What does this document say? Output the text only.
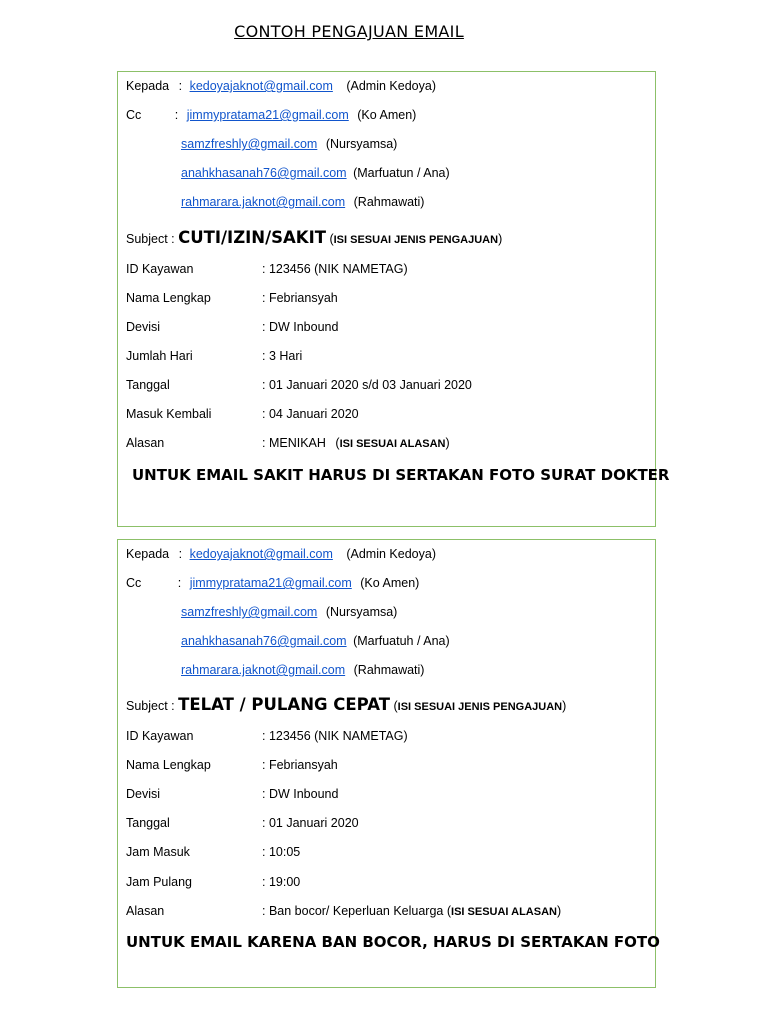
CONTOH PENGAJUAN EMAIL
Kepada : kedoyajaknot@gmail.com (Admin Kedoya)
Cc	: jimmypratama21@gmail.com (Ko Amen)
samzfreshly@gmail.com (Nursyamsa)
anahkhasanah76@gmail.com (Marfuatun / Ana)
rahmarara.jaknot@gmail.com (Rahmawati)
Subject : CUTI/IZIN/SAKIT (ISI SESUAI JENIS PENGAJUAN)
ID Kayawan	: 123456 (NIK NAMETAG)
Nama Lengkap	: Febriansyah
Devisi	: DW Inbound
Jumlah Hari	: 3 Hari
Tanggal	: 01 Januari 2020 s/d 03 Januari 2020
Masuk Kembali	: 04 Januari 2020
Alasan	: MENIKAH (ISI SESUAI ALASAN)
UNTUK EMAIL SAKIT HARUS DI SERTAKAN FOTO SURAT DOKTER
Kepada : kedoyajaknot@gmail.com (Admin Kedoya)
Cc	: jimmypratama21@gmail.com (Ko Amen)
samzfreshly@gmail.com (Nursyamsa)
anahkhasanah76@gmail.com (Marfuatuh / Ana)
rahmarara.jaknot@gmail.com (Rahmawati)
Subject : TELAT / PULANG CEPAT (ISI SESUAI JENIS PENGAJUAN)
ID Kayawan	: 123456 (NIK NAMETAG)
Nama Lengkap	: Febriansyah
Devisi	: DW Inbound
Tanggal	: 01 Januari 2020
Jam Masuk	: 10:05
Jam Pulang	: 19:00
Alasan	: Ban bocor/ Keperluan Keluarga (ISI SESUAI ALASAN)
UNTUK EMAIL KARENA BAN BOCOR, HARUS DI SERTAKAN FOTO
